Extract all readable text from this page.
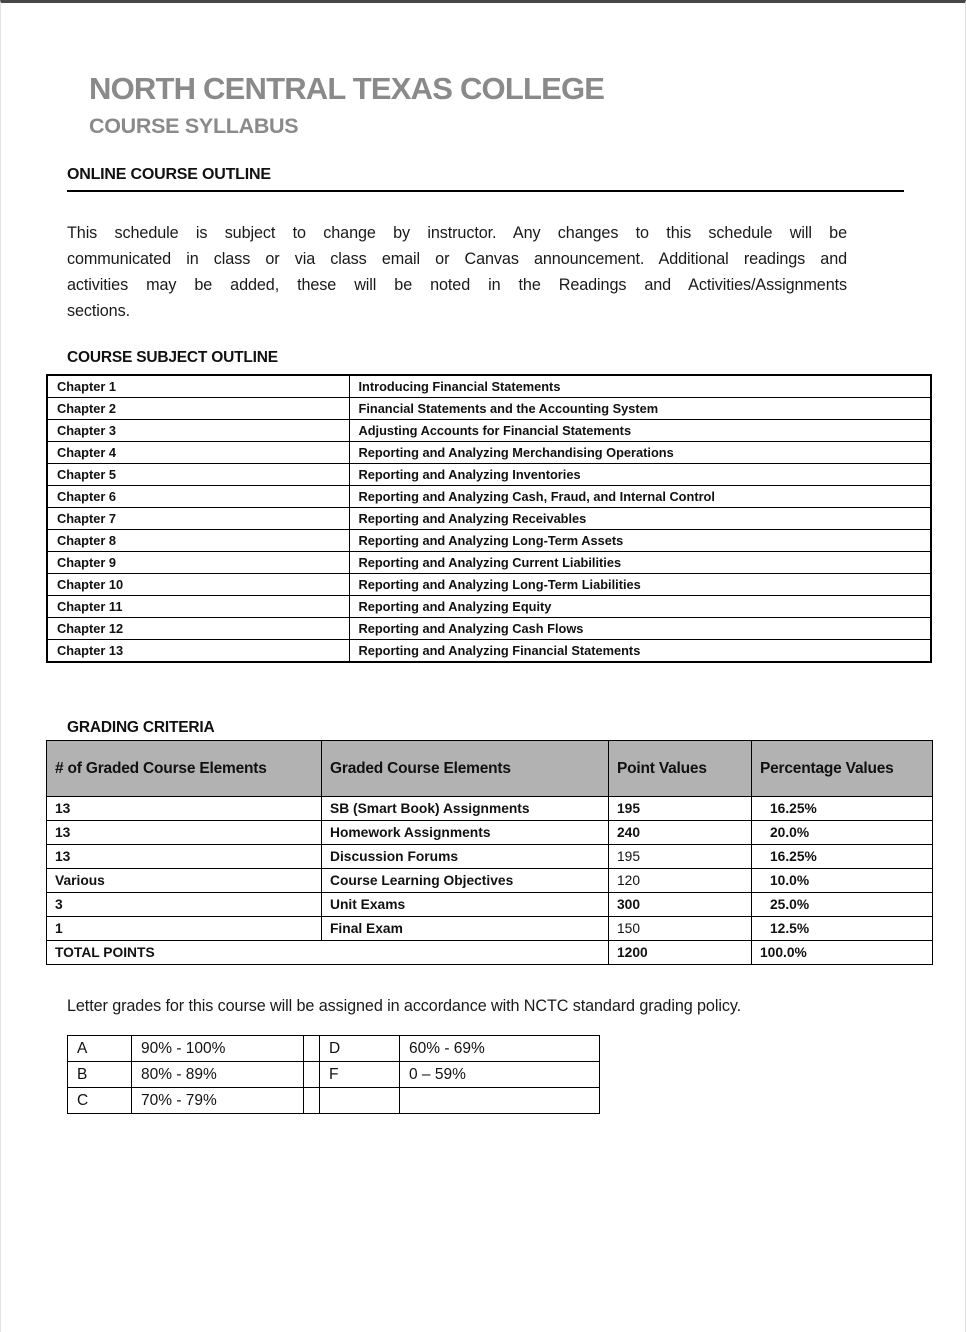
NORTH CENTRAL TEXAS COLLEGE
COURSE SYLLABUS
ONLINE COURSE OUTLINE
This schedule is subject to change by instructor. Any changes to this schedule will be
communicated in class or via class email or Canvas announcement. Additional readings and
activities may be added, these will be noted in the Readings and Activities/Assignments
sections.
COURSE SUBJECT OUTLINE
Chapter 1	Introducing Financial Statements
Chapter 2	Financial Statements and the Accounting System
Chapter 3	Adjusting Accounts for Financial Statements
Chapter 4	Reporting and Analyzing Merchandising Operations
Chapter 5	Reporting and Analyzing Inventories
Chapter 6	Reporting and Analyzing Cash, Fraud, and Internal Control
Chapter 7	Reporting and Analyzing Receivables
Chapter 8	Reporting and Analyzing Long-Term Assets
Chapter 9	Reporting and Analyzing Current Liabilities
Chapter 10	Reporting and Analyzing Long-Term Liabilities
Chapter 11	Reporting and Analyzing Equity
Chapter 12	Reporting and Analyzing Cash Flows
Chapter 13	Reporting and Analyzing Financial Statements
GRADING CRITERIA
# of Graded Course Elements	Graded Course Elements	Point Values	Percentage Values
13	SB (Smart Book) Assignments	195	16.25%
13	Homework Assignments	240	20.0%
13	Discussion Forums	195	16.25%
Various	Course Learning Objectives	120	10.0%
3	Unit Exams	300	25.0%
1	Final Exam	150	12.5%
TOTAL POINTS		1200	100.0%
Letter grades for this course will be assigned in accordance with NCTC standard grading policy.
A	90% - 100%		D	60% - 69%
B	80% - 89%		F	0 – 59%
C	70% - 79%			
